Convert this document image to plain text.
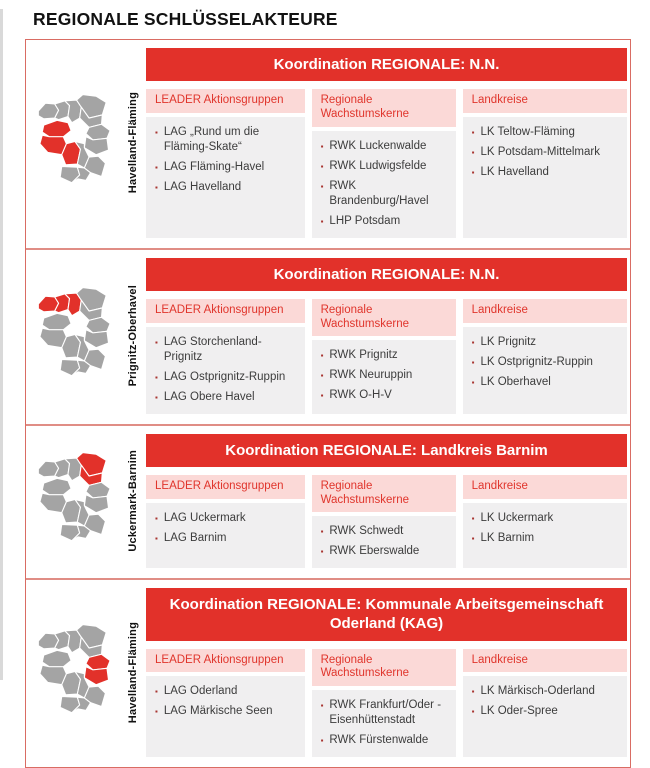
REGIONALE SCHLÜSSELAKTEURE
Havelland-Fläming
Koordination REGIONALE: N.N.
LEADER Aktionsgruppen
▪ LAG „Rund um die Fläming-Skate“
▪ LAG Fläming-Havel
▪ LAG Havelland
Regionale Wachstumskerne
▪ RWK Luckenwalde
▪ RWK Ludwigsfelde
▪ RWK Brandenburg/Havel
▪ LHP Potsdam
Landkreise
▪ LK Teltow-Fläming
▪ LK Potsdam-Mittelmark
▪ LK Havelland
Prignitz-Oberhavel
Koordination REGIONALE: N.N.
LEADER Aktionsgruppen
▪ LAG Storchenland-Prignitz
▪ LAG Ostprignitz-Ruppin
▪ LAG Obere Havel
Regionale Wachstumskerne
▪ RWK Prignitz
▪ RWK Neuruppin
▪ RWK O-H-V
Landkreise
▪ LK Prignitz
▪ LK Ostprignitz-Ruppin
▪ LK Oberhavel
Uckermark-Barnim
Koordination REGIONALE: Landkreis Barnim
LEADER Aktionsgruppen
▪ LAG Uckermark
▪ LAG Barnim
Regionale Wachstumskerne
▪ RWK Schwedt
▪ RWK Eberswalde
Landkreise
▪ LK Uckermark
▪ LK Barnim
Havelland-Fläming
Koordination REGIONALE: Kommunale Arbeitsgemeinschaft Oderland (KAG)
LEADER Aktionsgruppen
▪ LAG Oderland
▪ LAG Märkische Seen
Regionale Wachstumskerne
▪ RWK Frankfurt/Oder - Eisenhüttenstadt
▪ RWK Fürstenwalde
Landkreise
▪ LK Märkisch-Oderland
▪ LK Oder-Spree
